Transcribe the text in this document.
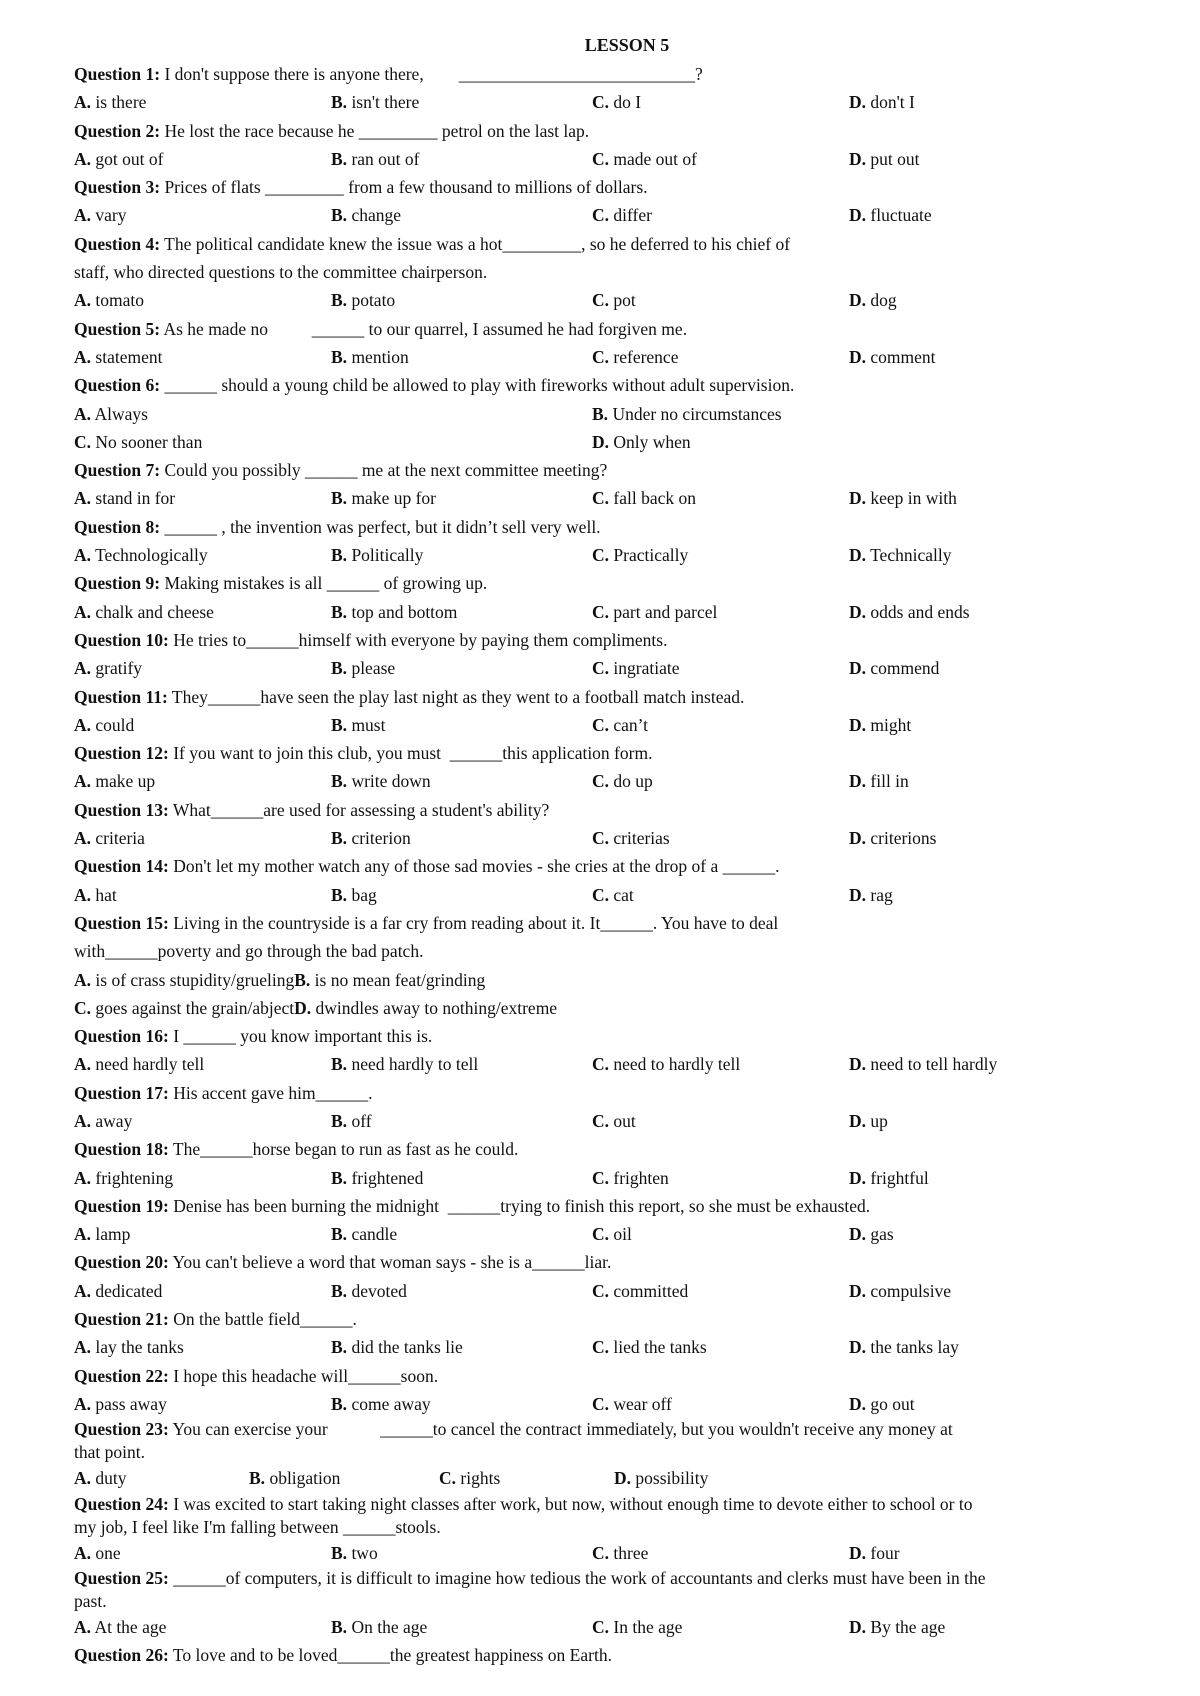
LESSON 5
Question 1: I don't suppose there is anyone there,        ___________________________?
A. is there	B. isn't there	C. do I	D. don't I
Question 2: He lost the race because he _________ petrol on the last lap.
A. got out of	B. ran out of	C. made out of	D. put out
Question 3: Prices of flats _________ from a few thousand to millions of dollars.
A. vary	B. change	C. differ	D. fluctuate
Question 4: The political candidate knew the issue was a hot_________, so he deferred to his chief of
staff, who directed questions to the committee chairperson.
A. tomato	B. potato	C. pot	D. dog
Question 5: As he made no          ______ to our quarrel, I assumed he had forgiven me.
A. statement	B. mention	C. reference	D. comment
Question 6: ______ should a young child be allowed to play with fireworks without adult supervision.
A. Always	B. Under no circumstances
C. No sooner than	D. Only when
Question 7: Could you possibly ______ me at the next committee meeting?
A. stand in for	B. make up for	C. fall back on	D. keep in with
Question 8: ______ , the invention was perfect, but it didn’t sell very well.
A. Technologically	B. Politically	C. Practically	D. Technically
Question 9: Making mistakes is all ______ of growing up.
A. chalk and cheese	B. top and bottom	C. part and parcel	D. odds and ends
Question 10: He tries to______himself with everyone by paying them compliments.
A. gratify	B. please	C. ingratiate	D. commend
Question 11: They______have seen the play last night as they went to a football match instead.
A. could	B. must	C. can’t	D. might
Question 12: If you want to join this club, you must  ______this application form.
A. make up	B. write down	C. do up	D. fill in
Question 13: What______are used for assessing a student's ability?
A. criteria	B. criterion	C. criterias	D. criterions
Question 14: Don't let my mother watch any of those sad movies - she cries at the drop of a ______.
A. hat	B. bag	C. cat	D. rag
Question 15: Living in the countryside is a far cry from reading about it. It______. You have to deal
with______poverty and go through the bad patch.
A. is of crass stupidity/gruelingB. is no mean feat/grinding
C. goes against the grain/abjectD. dwindles away to nothing/extreme
Question 16: I ______ you know important this is.
A. need hardly tell	B. need hardly to tell	C. need to hardly tell	D. need to tell hardly
Question 17: His accent gave him______.
A. away	B. off	C. out	D. up
Question 18: The______horse began to run as fast as he could.
A. frightening	B. frightened	C. frighten	D. frightful
Question 19: Denise has been burning the midnight  ______trying to finish this report, so she must be exhausted.
A. lamp	B. candle	C. oil	D. gas
Question 20: You can't believe a word that woman says - she is a______liar.
A. dedicated	B. devoted	C. committed	D. compulsive
Question 21: On the battle field______.
A. lay the tanks	B. did the tanks lie	C. lied the tanks	D. the tanks lay
Question 22: I hope this headache will______soon.
A. pass away	B. come away	C. wear off	D. go out
Question 23: You can exercise your            ______to cancel the contract immediately, but you wouldn't receive any money at
that point.
A. duty	B. obligation	C. rights	D. possibility
Question 24: I was excited to start taking night classes after work, but now, without enough time to devote either to school or to
my job, I feel like I'm falling between ______stools.
A. one	B. two	C. three	D. four
Question 25: ______of computers, it is difficult to imagine how tedious the work of accountants and clerks must have been in the
past.
A. At the age	B. On the age	C. In the age	D. By the age
Question 26: To love and to be loved______the greatest happiness on Earth.
